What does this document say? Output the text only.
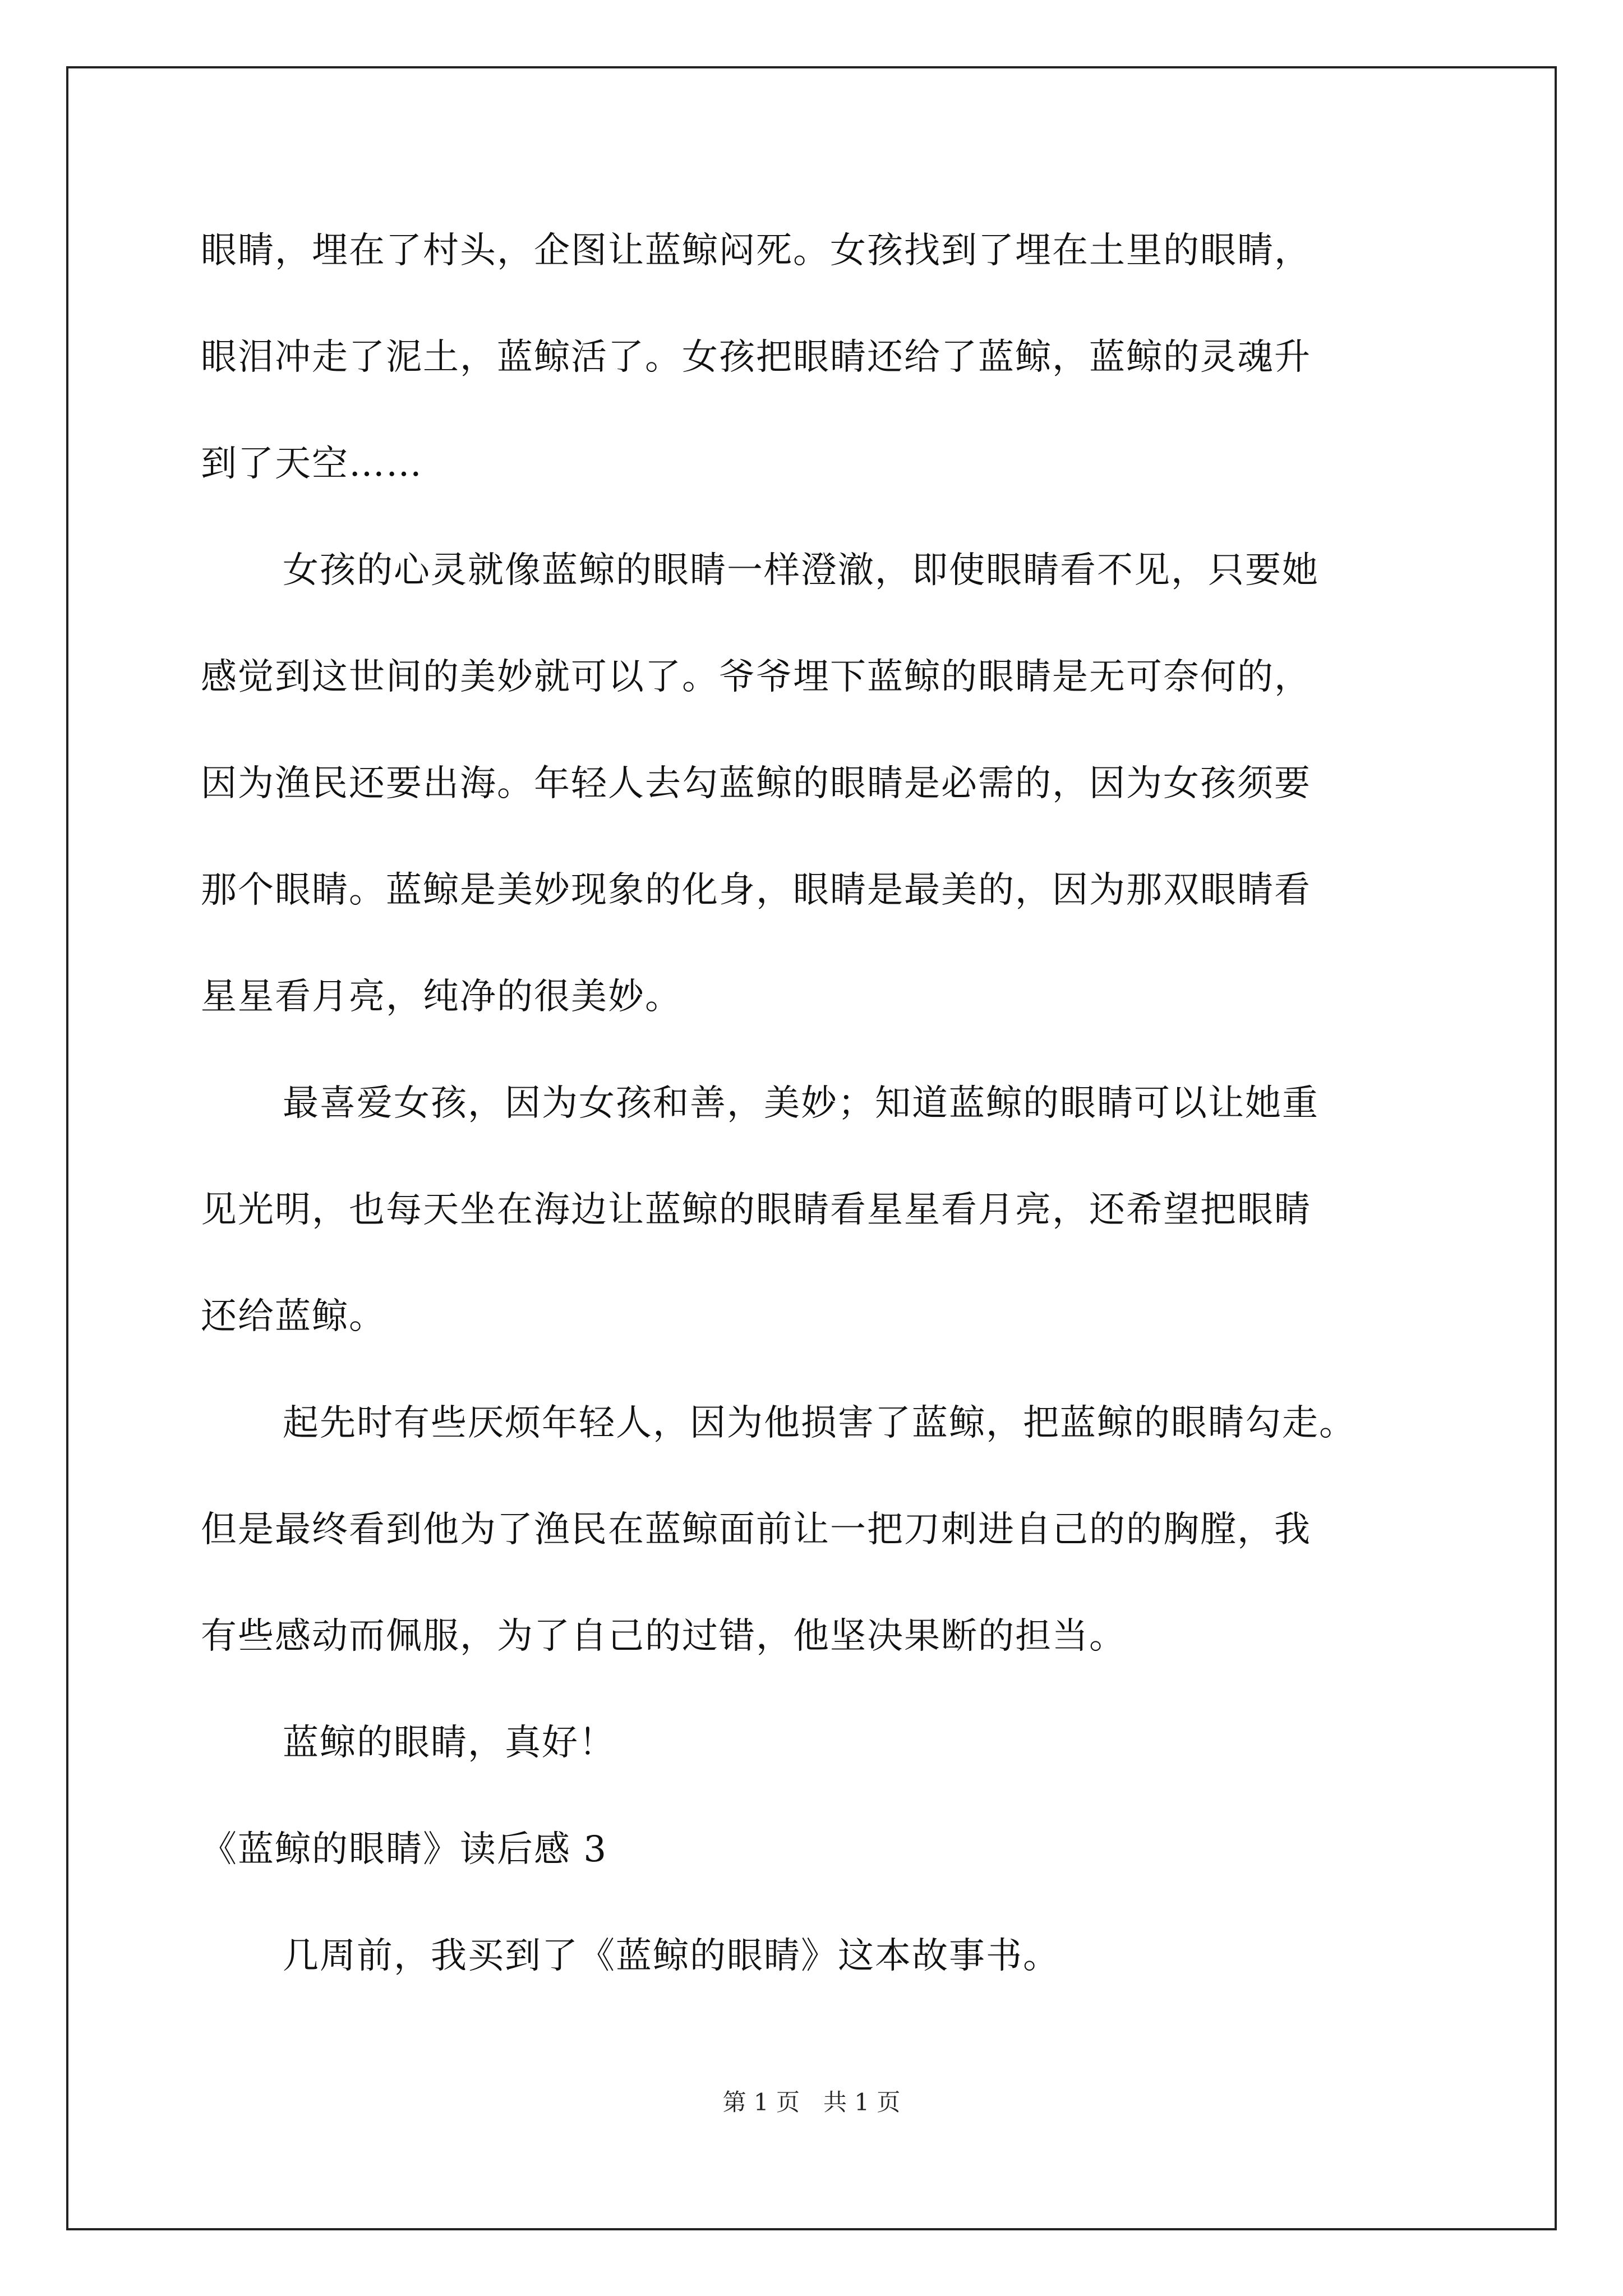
眼睛，埋在了村头，企图让蓝鲸闷死。女孩找到了埋在土里的眼睛，
眼泪冲走了泥土，蓝鲸活了。女孩把眼睛还给了蓝鲸，蓝鲸的灵魂升
到了天空……
女孩的心灵就像蓝鲸的眼睛一样澄澈，即使眼睛看不见，只要她
感觉到这世间的美妙就可以了。爷爷埋下蓝鲸的眼睛是无可奈何的，
因为渔民还要出海。年轻人去勾蓝鲸的眼睛是必需的，因为女孩须要
那个眼睛。蓝鲸是美妙现象的化身，眼睛是最美的，因为那双眼睛看
星星看月亮，纯净的很美妙。
最喜爱女孩，因为女孩和善，美妙；知道蓝鲸的眼睛可以让她重
见光明，也每天坐在海边让蓝鲸的眼睛看星星看月亮，还希望把眼睛
还给蓝鲸。
起先时有些厌烦年轻人，因为他损害了蓝鲸，把蓝鲸的眼睛勾走。
但是最终看到他为了渔民在蓝鲸面前让一把刀刺进自己的的胸膛，我
有些感动而佩服，为了自己的过错，他坚决果断的担当。
蓝鲸的眼睛，真好！
《蓝鲸的眼睛》读后感 3
几周前，我买到了《蓝鲸的眼睛》这本故事书。
第 1 页　共 1 页
